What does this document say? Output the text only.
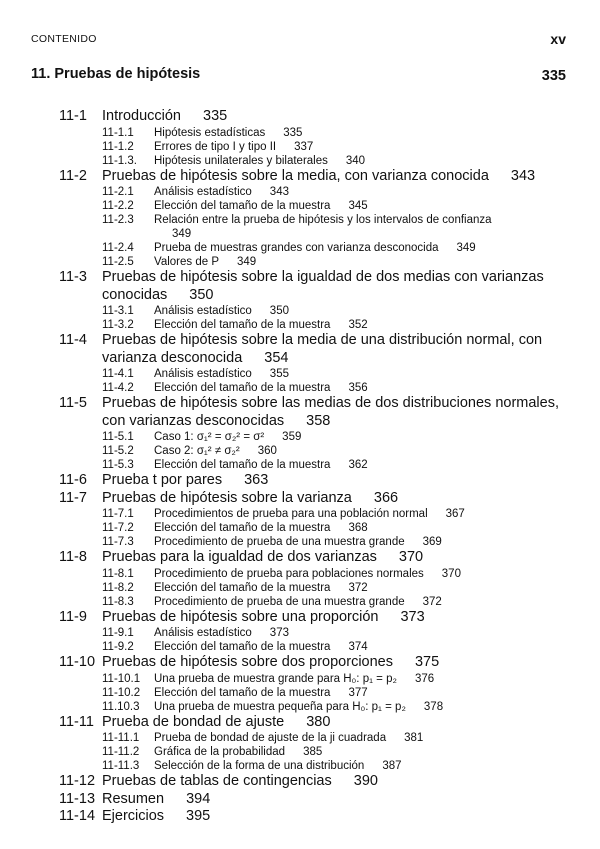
CONTENIDO	xv
11. Pruebas de hipótesis	335
11-1 Introducción 335
11-1.1 Hipótesis estadísticas 335
11-1.2 Errores de tipo I y tipo II 337
11-1.3. Hipótesis unilaterales y bilaterales 340
11-2 Pruebas de hipótesis sobre la media, con varianza conocida 343
11-2.1 Análisis estadístico 343
11-2.2 Elección del tamaño de la muestra 345
11-2.3 Relación entre la prueba de hipótesis y los intervalos de confianza349
11-2.4 Prueba de muestras grandes con varianza desconocida 349
11-2.5 Valores de P 349
11-3 Pruebas de hipótesis sobre la igualdad de dos medias con varianzas conocidas 350
11-3.1 Análisis estadístico 350
11-3.2 Elección del tamaño de la muestra 352
11-4 Pruebas de hipótesis sobre la media de una distribución normal, con varianza desconocida 354
11-4.1 Análisis estadístico 355
11-4.2 Elección del tamaño de la muestra 356
11-5 Pruebas de hipótesis sobre las medias de dos distribuciones normales, con varianzas desconocidas 358
11-5.1 Caso 1: σ₁² = σ₂² = σ² 359
11-5.2 Caso 2: σ₁² ≠ σ₂² 360
11-5.3 Elección del tamaño de la muestra 362
11-6 Prueba t por pares 363
11-7 Pruebas de hipótesis sobre la varianza 366
11-7.1 Procedimientos de prueba para una población normal 367
11-7.2 Elección del tamaño de la muestra 368
11-7.3 Procedimiento de prueba de una muestra grande 369
11-8 Pruebas para la igualdad de dos varianzas 370
11-8.1 Procedimiento de prueba para poblaciones normales 370
11-8.2 Elección del tamaño de la muestra 372
11-8.3 Procedimiento de prueba de una muestra grande 372
11-9 Pruebas de hipótesis sobre una proporción 373
11-9.1 Análisis estadístico 373
11-9.2 Elección del tamaño de la muestra 374
11-10 Pruebas de hipótesis sobre dos proporciones 375
11-10.1 Una prueba de muestra grande para H₀: p₁ = p₂ 376
11-10.2 Elección del tamaño de la muestra 377
11.10.3 Una prueba de muestra pequeña para H₀: p₁ = p₂ 378
11-11 Prueba de bondad de ajuste 380
11-11.1 Prueba de bondad de ajuste de la ji cuadrada 381
11-11.2 Gráfica de la probabilidad 385
11-11.3 Selección de la forma de una distribución 387
11-12 Pruebas de tablas de contingencias 390
11-13 Resumen 394
11-14 Ejercicios 395
